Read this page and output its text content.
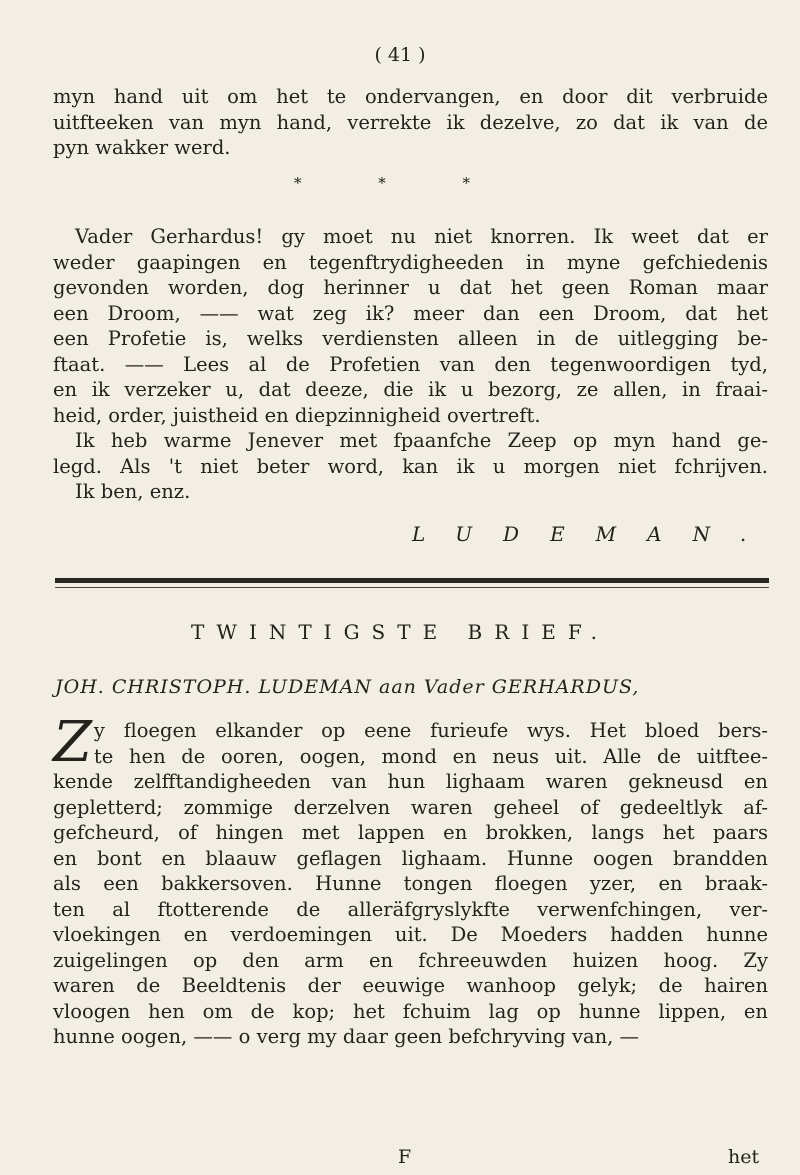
( 41 )
myn hand uit om het te ondervangen, en door dit verbruide
uitfteeken van myn hand, verrekte ik dezelve, zo dat ik van de
pyn wakker werd.
* * *
Vader Gerhardus! gy moet nu niet knorren. Ik weet dat er
weder gaapingen en tegenftrydigheeden in myne gefchiedenis
gevonden worden, dog herinner u dat het geen Roman maar
een Droom, —— wat zeg ik? meer dan een Droom, dat het
een Profetie is, welks verdiensten alleen in de uitlegging be-
ftaat. —— Lees al de Profetien van den tegenwoordigen tyd,
en ik verzeker u, dat deeze, die ik u bezorg, ze allen, in fraai-
heid, order, juistheid en diepzinnigheid overtreft.
Ik heb warme Jenever met fpaanfche Zeep op myn hand ge-
legd. Als 't niet beter word, kan ik u morgen niet fchrijven.
Ik ben, enz.
LUDEMAN.
TWINTIGSTE BRIEF.
JOH. CHRISTOPH. LUDEMAN aan Vader GERHARDUS,
Z y floegen elkander op eene furieufe wys. Het bloed bers-
te hen de ooren, oogen, mond en neus uit. Alle de uitftee-
kende zelfftandigheeden van hun lighaam waren gekneusd en
gepletterd; zommige derzelven waren geheel of gedeeltlyk af-
gefcheurd, of hingen met lappen en brokken, langs het paars
en bont en blaauw geflagen lighaam. Hunne oogen brandden
als een bakkersoven. Hunne tongen floegen yzer, en braak-
ten al ftotterende de alleräfgryslykfte verwenfchingen, ver-
vloekingen en verdoemingen uit. De Moeders hadden hunne
zuigelingen op den arm en fchreeuwden huizen hoog. Zy
waren de Beeldtenis der eeuwige wanhoop gelyk; de hairen
vloogen hen om de kop; het fchuim lag op hunne lippen, en
hunne oogen, —— o verg my daar geen befchryving van, —
F	het
